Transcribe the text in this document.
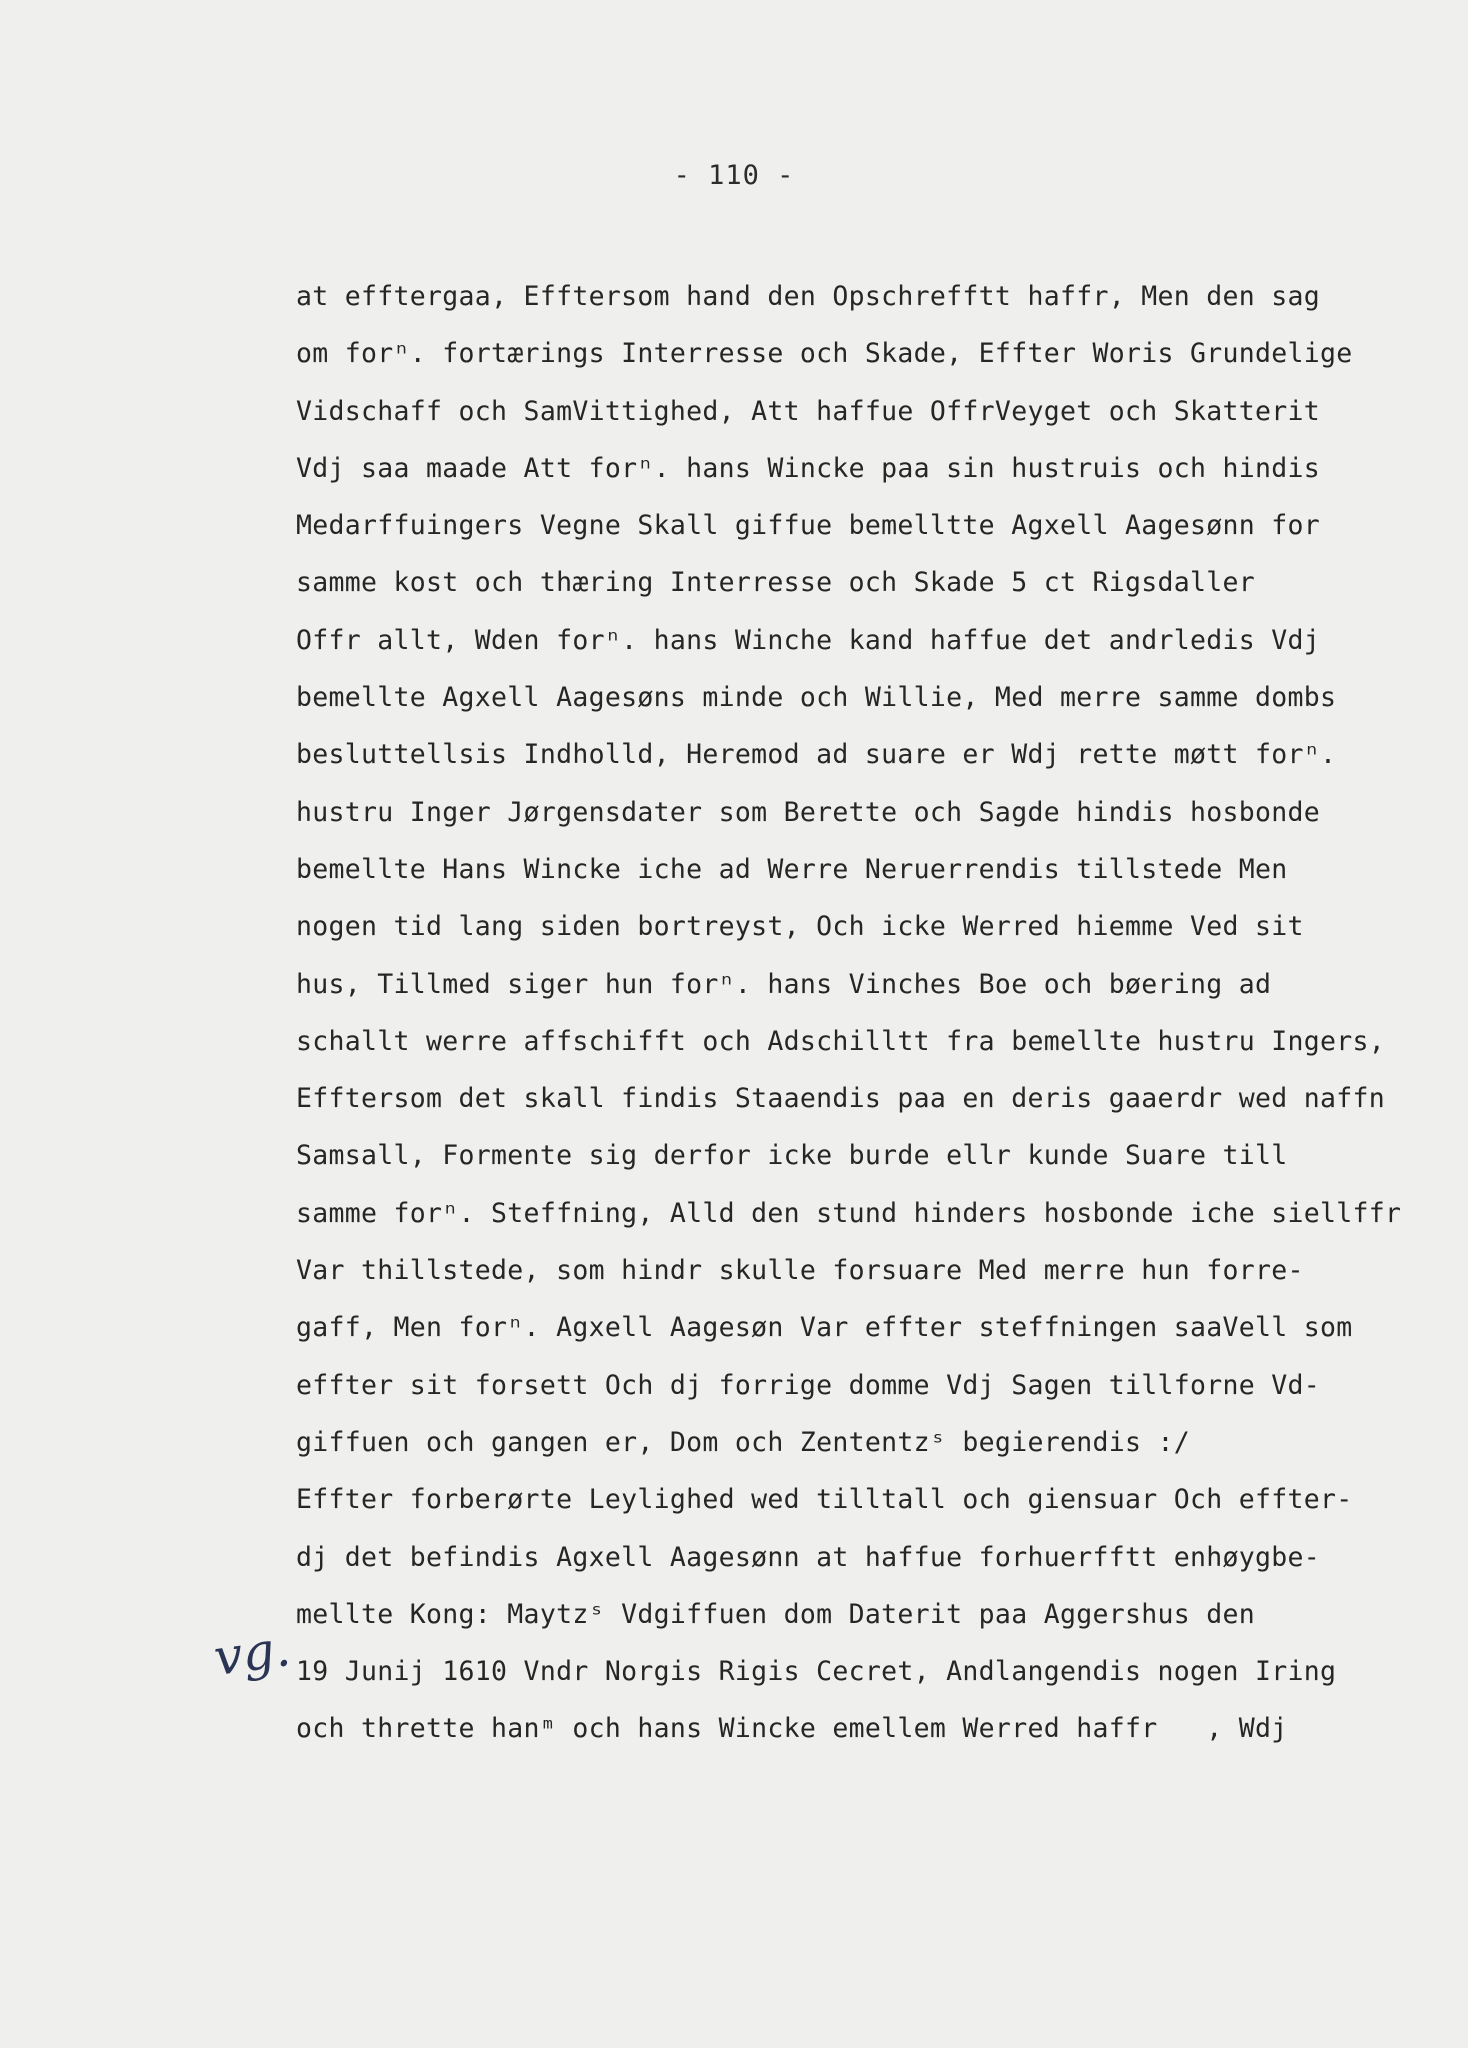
- 110 -
at efftergaa, Efftersom hand den Opschrefftt haffr, Men den sag
om forⁿ. fortærings Interresse och Skade, Effter Woris Grundelige
Vidschaff och SamVittighed, Att haffue OffrVeyget och Skatterit
Vdj saa maade Att forⁿ. hans Wincke paa sin hustruis och hindis
Medarffuingers Vegne Skall giffue bemelltte Agxell Aagesønn for
samme kost och thæring Interresse och Skade 5 ct Rigsdaller
Offr allt, Wden forⁿ. hans Winche kand haffue det andrledis Vdj
bemellte Agxell Aagesøns minde och Willie, Med merre samme dombs
besluttellsis Indholld, Heremod ad suare er Wdj rette møtt forⁿ.
hustru Inger Jørgensdater som Berette och Sagde hindis hosbonde
bemellte Hans Wincke iche ad Werre Neruerrendis tillstede Men
nogen tid lang siden bortreyst, Och icke Werred hiemme Ved sit
hus, Tillmed siger hun forⁿ. hans Vinches Boe och bøering ad
schallt werre affschifft och Adschilltt fra bemellte hustru Ingers,
Efftersom det skall findis Staaendis paa en deris gaaerdr wed naffn
Samsall, Formente sig derfor icke burde ellr kunde Suare till
samme forⁿ. Steffning, Alld den stund hinders hosbonde iche siellffr
Var thillstede, som hindr skulle forsuare Med merre hun forre-
gaff, Men forⁿ. Agxell Aagesøn Var effter steffningen saaVell som
effter sit forsett Och dj forrige domme Vdj Sagen tillforne Vd-
giffuen och gangen er, Dom och Zententzˢ begierendis :/
Effter forberørte Leylighed wed tilltall och giensuar Och effter-
dj det befindis Agxell Aagesønn at haffue forhuerfftt enhøygbe-
mellte Kong: Maytzˢ Vdgiffuen dom Daterit paa Aggershus den
19 Junij 1610 Vndr Norgis Rigis Cecret, Andlangendis nogen Iring
och thrette hanᵐ och hans Wincke emellem Werred haffr   , Wdj
vg.
